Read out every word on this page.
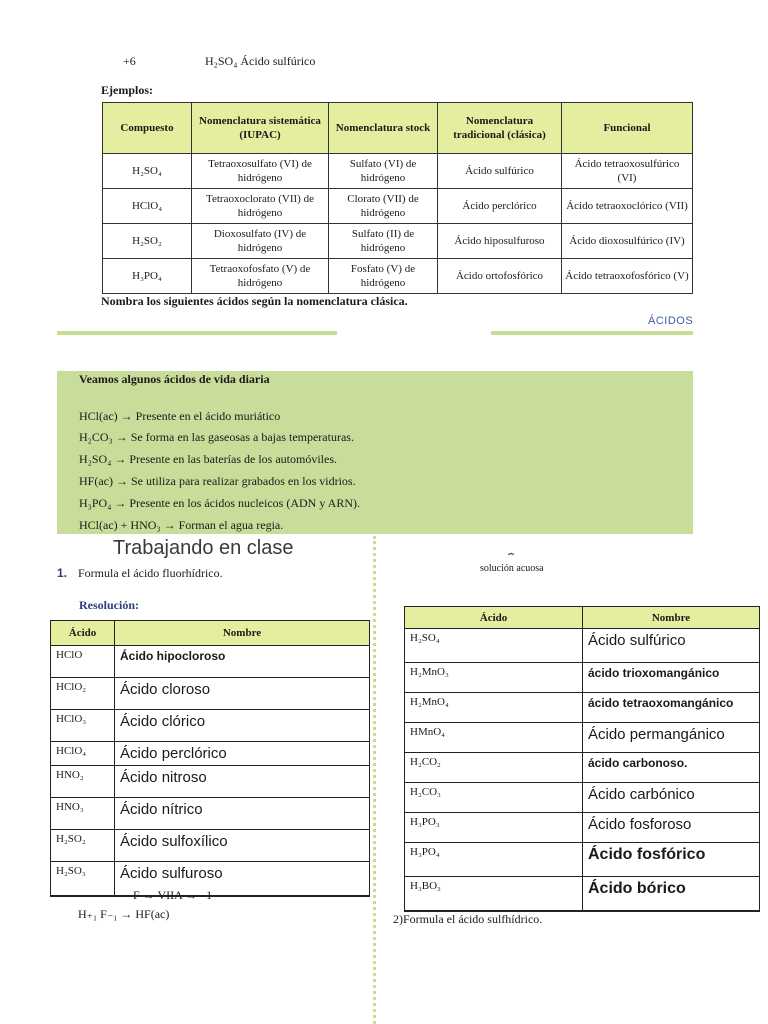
+6	H₂SO₄ Ácido sulfúrico
Ejemplos:
Compuesto	Nomenclatura sistemática (IUPAC)	Nomenclatura stock	Nomenclatura tradicional (clásica)	Funcional
H₂SO₄	Tetraoxosulfato (VI) de hidrógeno	Sulfato (VI) de hidrógeno	Ácido sulfúrico	Ácido tetraoxosulfúrico (VI)
HClO₄	Tetraoxoclorato (VII) de hidrógeno	Clorato (VII) de hidrógeno	Ácido perclórico	Ácido tetraoxoclórico (VII)
H₂SO₂	Dioxosulfato (IV) de hidrógeno	Sulfato (II) de hidrógeno	Ácido hiposulfuroso	Ácido dioxosulfúrico (IV)
H₃PO₄	Tetraoxofosfato (V) de hidrógeno	Fosfato (V) de hidrógeno	Ácido ortofosfórico	Ácido tetraoxofosfórico (V)
Nombra los siguientes ácidos según la nomenclatura clásica.
ÁCIDOS
Veamos algunos ácidos de vida diaria
HCl(ac) → Presente en el ácido muriático
H₂CO₃ → Se forma en las gaseosas a bajas temperaturas.
H₂SO₄ → Presente en las baterías de los automóviles.
HF(ac) → Se utiliza para realizar grabados en los vidrios.
H₃PO₄ → Presente en los ácidos nucleicos (ADN y ARN).
HCl(ac) + HNO₃ → Forman el agua regia.
Trabajando en clase
1. Formula el ácido fluorhídrico.
Resolución:
⏞
solución acuosa
Ácido	Nombre
HClO	Ácido hipocloroso
HClO₂	Ácido cloroso
HClO₃	Ácido clórico
HClO₄	Ácido perclórico
HNO₂	Ácido nitroso
HNO₃	Ácido nítrico
H₂SO₂	Ácido sulfoxílico
H₂SO₃	Ácido sulfuroso
Ácido	Nombre
H₂SO₄	Ácido sulfúrico
H₂MnO₃	ácido trioxomangánico
H₂MnO₄	ácido tetraoxomangánico
HMnO₄	Ácido permangánico
H₂CO₂	ácido carbonoso.
H₂CO₃	Ácido carbónico
H₃PO₃	Ácido fosforoso
H₃PO₄	Ácido fosfórico
H₃BO₃	Ácido bórico
F → VIIA → –1
H₊₁ F₋₁ → HF(ac)	2)Formula el ácido sulfhídrico.
